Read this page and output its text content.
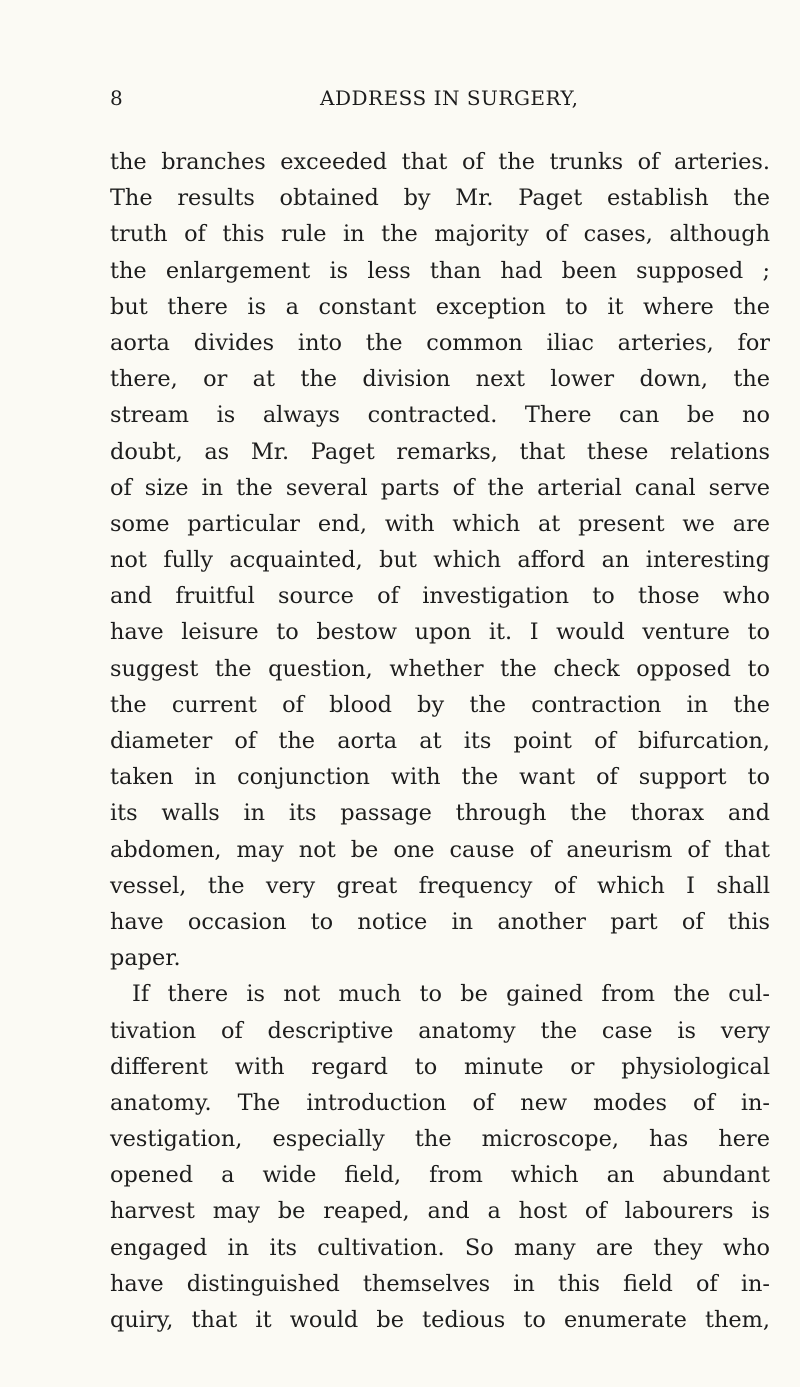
8	ADDRESS IN SURGERY,
the branches exceeded that of the trunks of arteries.
The results obtained by Mr. Paget establish the
truth of this rule in the majority of cases, although
the enlargement is less than had been supposed ;
but there is a constant exception to it where the
aorta divides into the common iliac arteries, for
there, or at the division next lower down, the
stream is always contracted. There can be no
doubt, as Mr. Paget remarks, that these relations
of size in the several parts of the arterial canal serve
some particular end, with which at present we are
not fully acquainted, but which afford an interesting
and fruitful source of investigation to those who
have leisure to bestow upon it. I would venture to
suggest the question, whether the check opposed to
the current of blood by the contraction in the
diameter of the aorta at its point of bifurcation,
taken in conjunction with the want of support to
its walls in its passage through the thorax and
abdomen, may not be one cause of aneurism of that
vessel, the very great frequency of which I shall
have occasion to notice in another part of this
paper.
If there is not much to be gained from the cul-
tivation of descriptive anatomy the case is very
different with regard to minute or physiological
anatomy. The introduction of new modes of in-
vestigation, especially the microscope, has here
opened a wide field, from which an abundant
harvest may be reaped, and a host of labourers is
engaged in its cultivation. So many are they who
have distinguished themselves in this field of in-
quiry, that it would be tedious to enumerate them,
